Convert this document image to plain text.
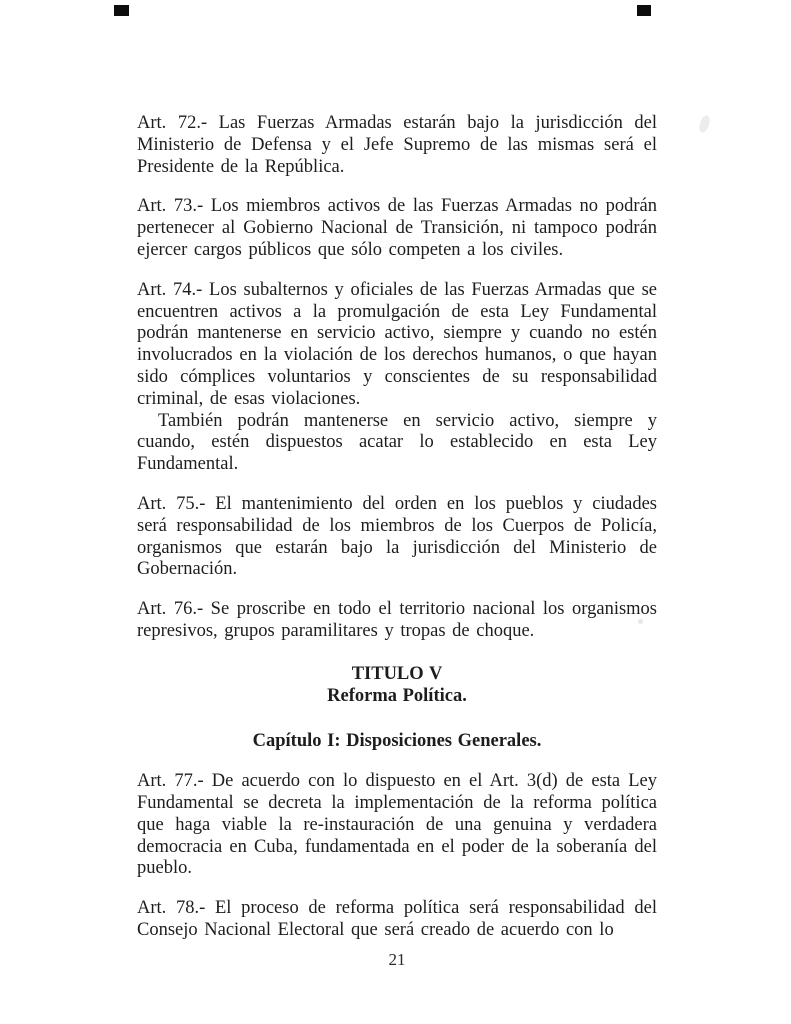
Art. 72.- Las Fuerzas Armadas estarán bajo la jurisdicción del Ministerio de Defensa y el Jefe Supremo de las mismas será el Presidente de la República.

Art. 73.- Los miembros activos de las Fuerzas Armadas no podrán pertenecer al Gobierno Nacional de Transición, ni tampoco podrán ejercer cargos públicos que sólo competen a los civiles.

Art. 74.- Los subalternos y oficiales de las Fuerzas Armadas que se encuentren activos a la promulgación de esta Ley Fundamental podrán mantenerse en servicio activo, siempre y cuando no estén involucrados en la violación de los derechos humanos, o que hayan sido cómplices voluntarios y conscientes de su responsabilidad criminal, de esas violaciones.

También podrán mantenerse en servicio activo, siempre y cuando, estén dispuestos acatar lo establecido en esta Ley Fundamental.

Art. 75.- El mantenimiento del orden en los pueblos y ciudades será responsabilidad de los miembros de los Cuerpos de Policía, organismos que estarán bajo la jurisdicción del Ministerio de Gobernación.

Art. 76.- Se proscribe en todo el territorio nacional los organismos represivos, grupos paramilitares y tropas de choque.

TITULO V
Reforma Política.
Capítulo I: Disposiciones Generales.

Art. 77.- De acuerdo con lo dispuesto en el Art. 3(d) de esta Ley Fundamental se decreta la implementación de la reforma política que haga viable la re-instauración de una genuina y verdadera democracia en Cuba, fundamentada en el poder de la soberanía del pueblo.

Art. 78.- El proceso de reforma política será responsabilidad del Consejo Nacional Electoral que será creado de acuerdo con lo

21
